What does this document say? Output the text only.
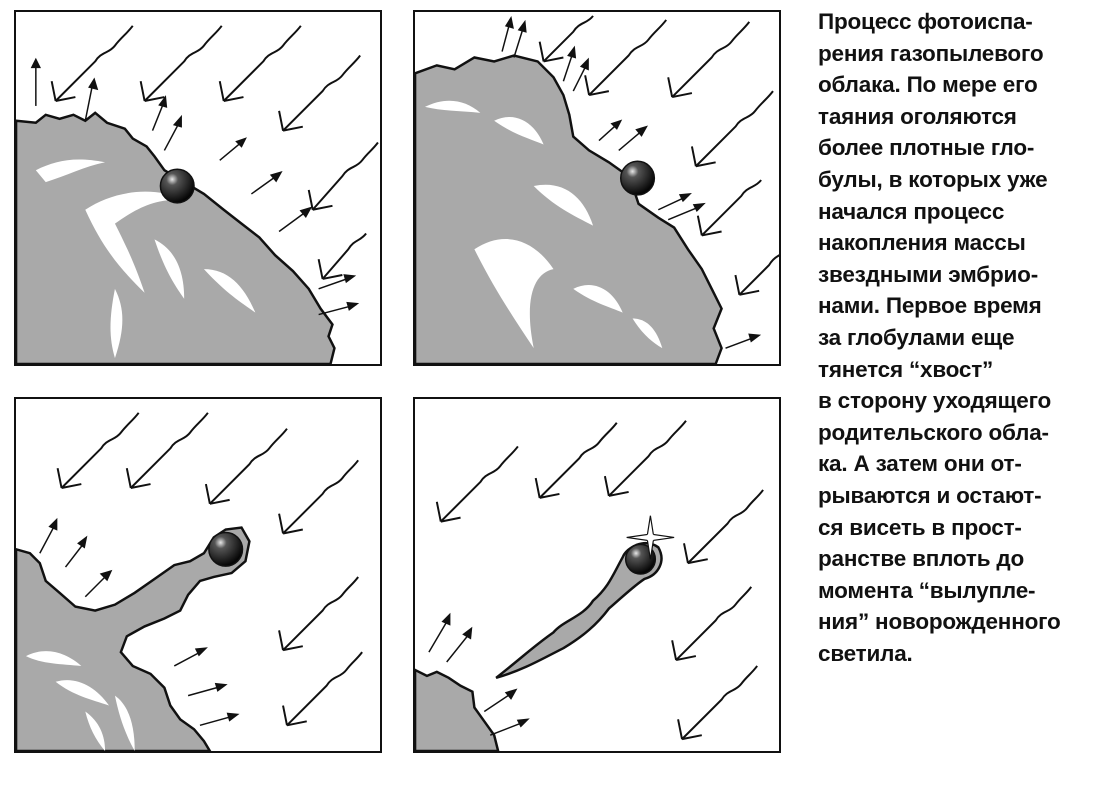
Процесс фотоиспа-
рения газопылевого
облака. По мере его
таяния оголяются
более плотные гло-
булы, в которых уже
начался процесс
накопления массы
звездными эмбрио-
нами. Первое время
за глобулами еще
тянется “хвост”
в сторону уходящего
родительского обла-
ка. А затем они от-
рываются и остают-
ся висеть в прост-
ранстве вплоть до
момента “вылупле-
ния” новорожденного
светила.
